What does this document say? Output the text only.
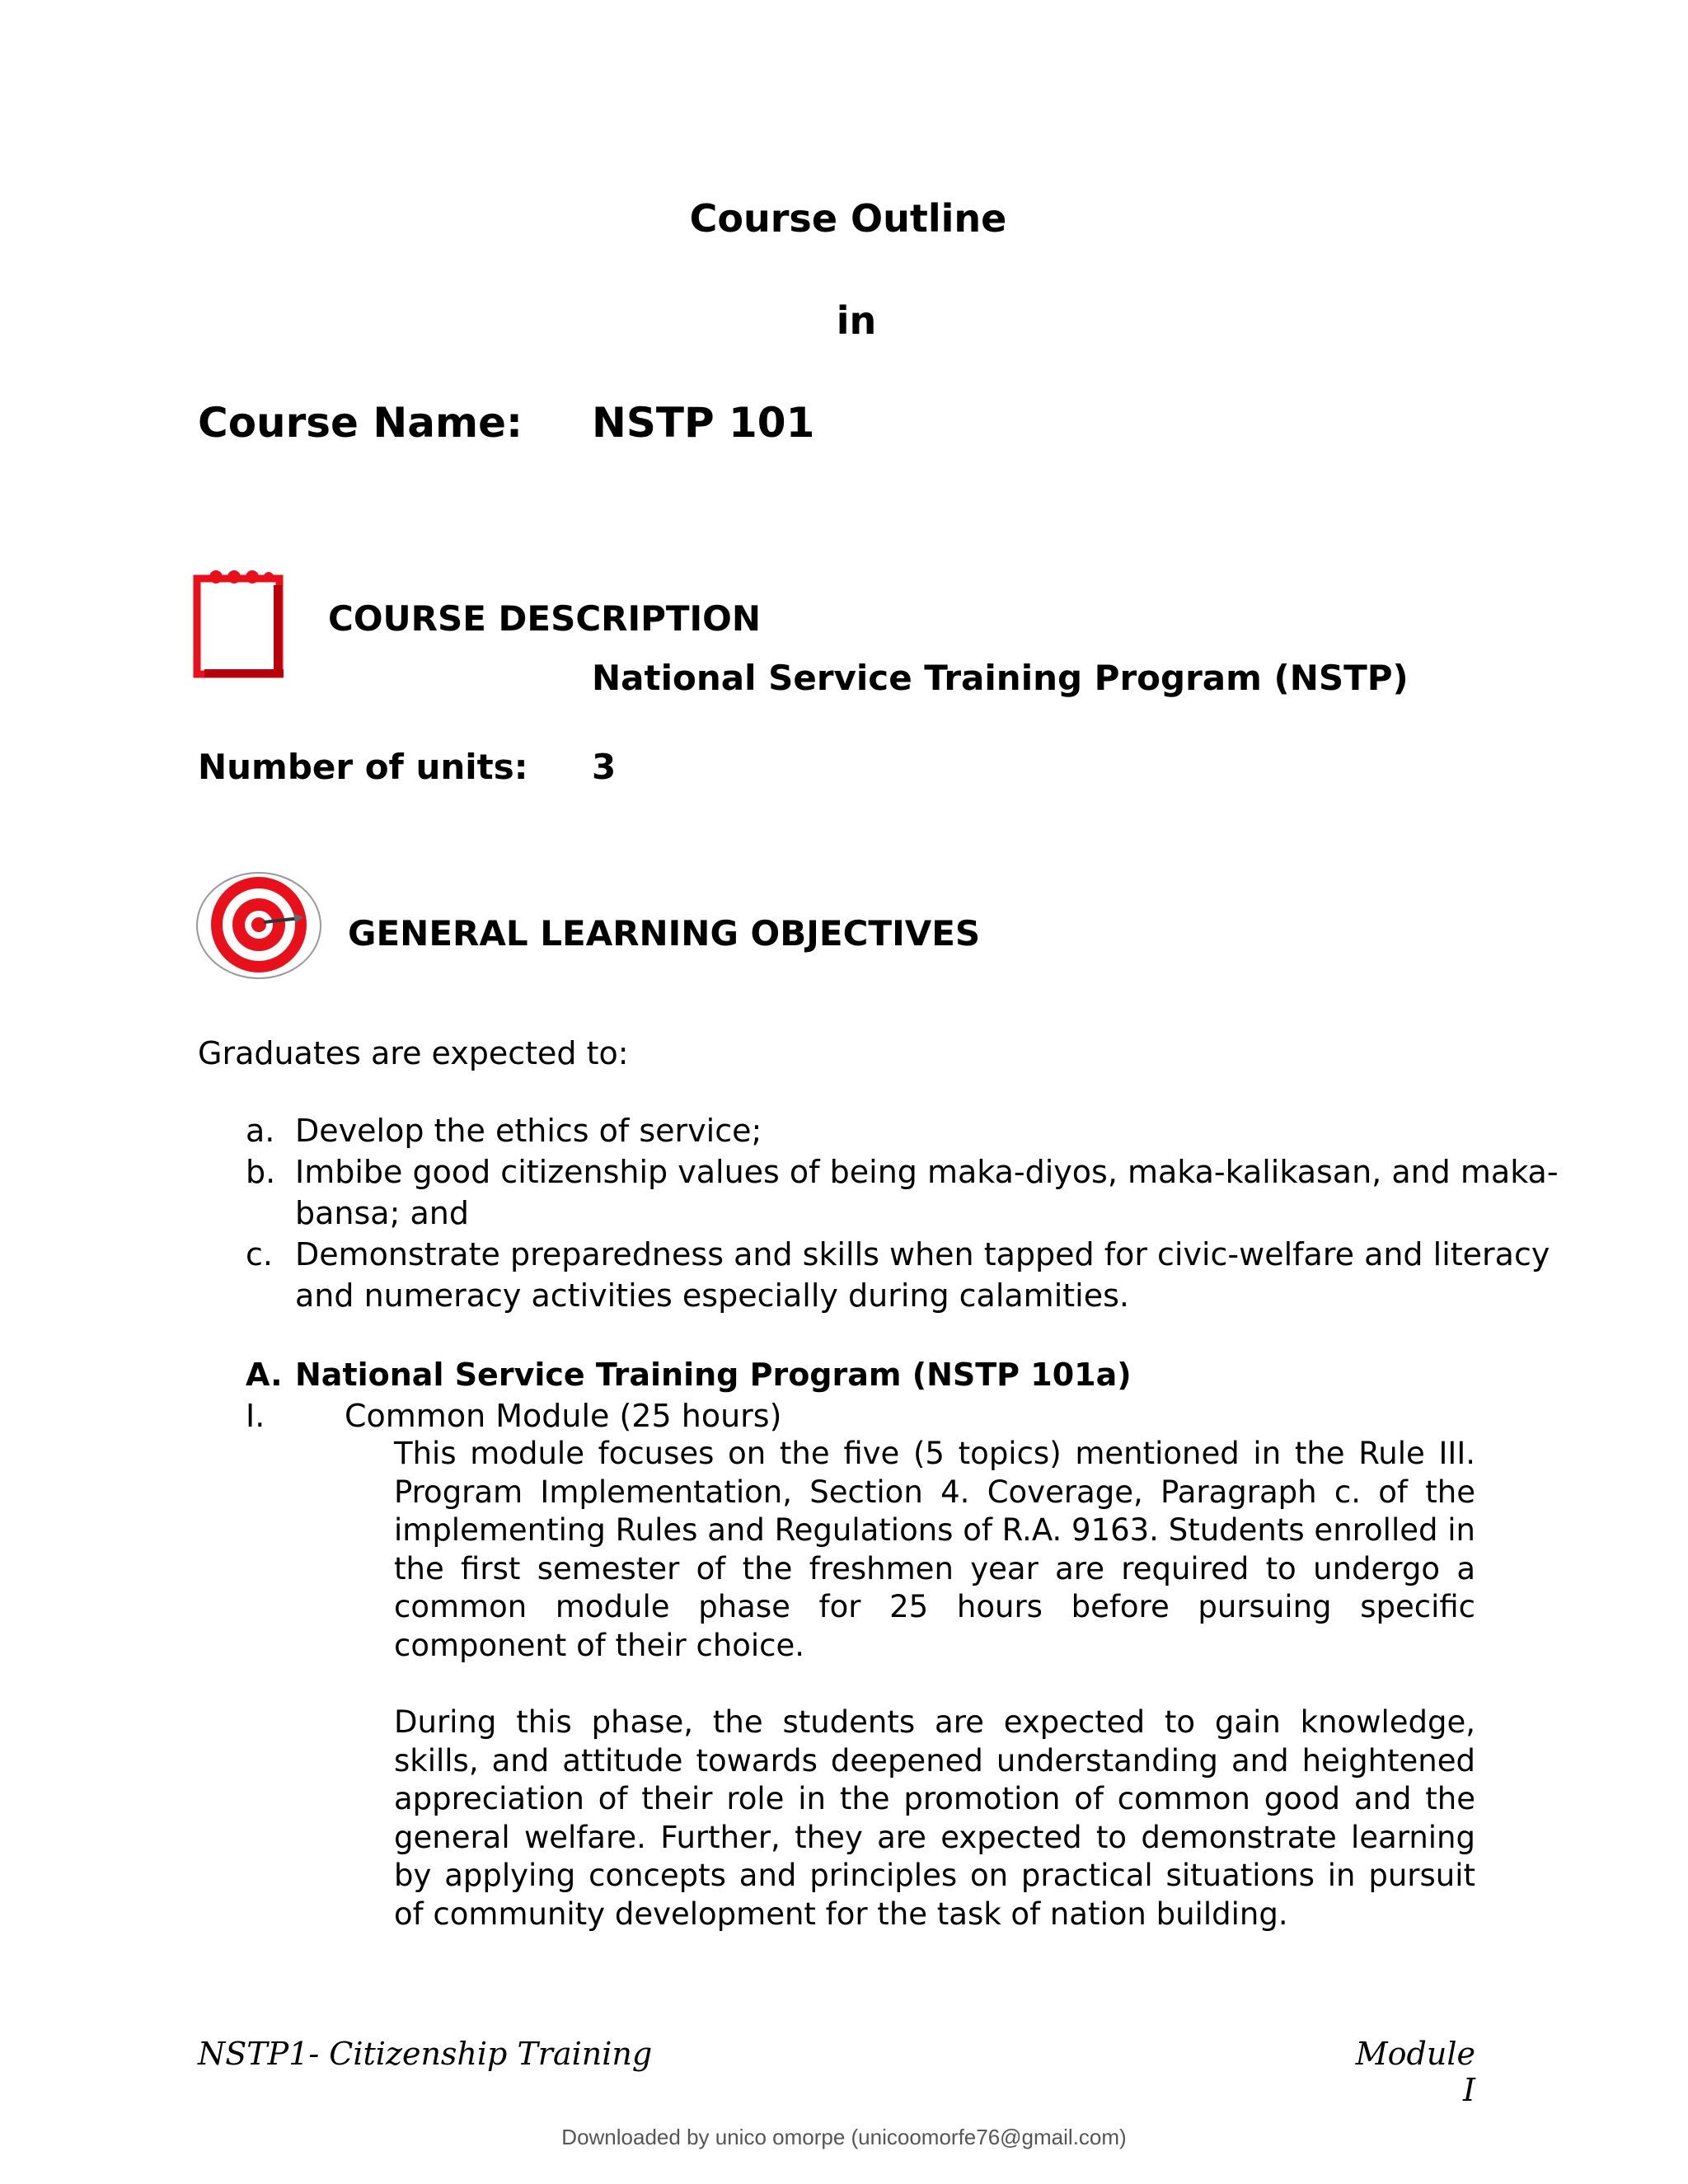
Course Outline
in
Course Name: NSTP 101
COURSE DESCRIPTION
National Service Training Program (NSTP)
Number of units: 3
GENERAL LEARNING OBJECTIVES
Graduates are expected to:
a. Develop the ethics of service;
b. Imbibe good citizenship values of being maka-diyos, maka-kalikasan, and maka-
bansa; and
c. Demonstrate preparedness and skills when tapped for civic-welfare and literacy
and numeracy activities especially during calamities.
A. National Service Training Program (NSTP 101a)
I.	Common Module (25 hours)
This module focuses on the five (5 topics) mentioned in the Rule III. Program Implementation, Section 4. Coverage, Paragraph c. of the implementing Rules and Regulations of R.A. 9163. Students enrolled in the first semester of the freshmen year are required to undergo a common module phase for 25 hours before pursuing specific component of their choice.
During this phase, the students are expected to gain knowledge, skills, and attitude towards deepened understanding and heightened appreciation of their role in the promotion of common good and the general welfare. Further, they are expected to demonstrate learning by applying concepts and principles on practical situations in pursuit of community development for the task of nation building.
NSTP1- Citizenship Training	Module I
Downloaded by unico omorpe (unicoomorfe76@gmail.com)
